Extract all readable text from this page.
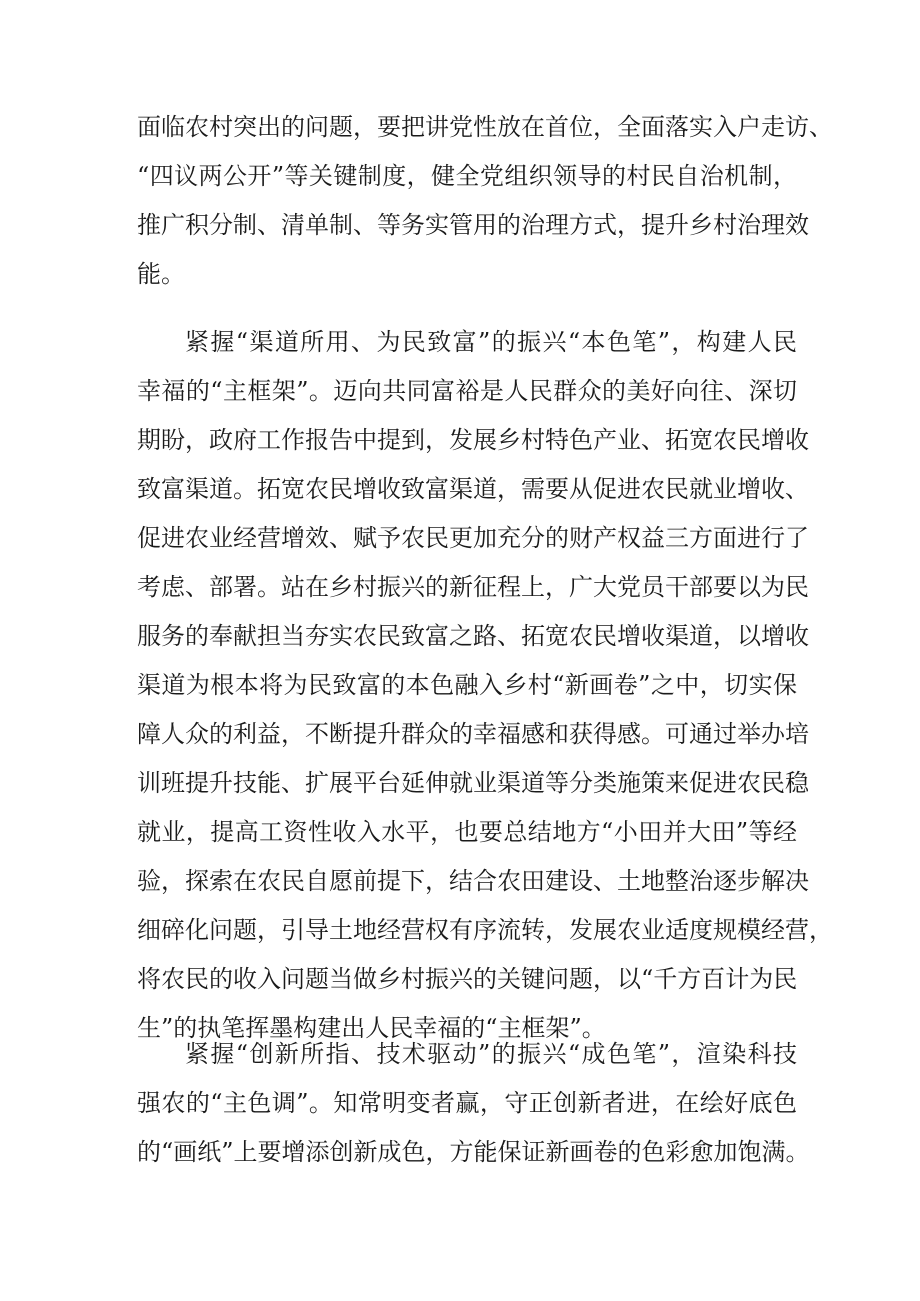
面临农村突出的问题，要把讲党性放在首位，全面落实入户走访、
“四议两公开”等关键制度，健全党组织领导的村民自治机制，
推广积分制、清单制、等务实管用的治理方式，提升乡村治理效
能。
紧握“渠道所用、为民致富”的振兴“本色笔”，构建人民
幸福的“主框架”。迈向共同富裕是人民群众的美好向往、深切
期盼，政府工作报告中提到，发展乡村特色产业、拓宽农民增收
致富渠道。拓宽农民增收致富渠道，需要从促进农民就业增收、
促进农业经营增效、赋予农民更加充分的财产权益三方面进行了
考虑、部署。站在乡村振兴的新征程上，广大党员干部要以为民
服务的奉献担当夯实农民致富之路、拓宽农民增收渠道，以增收
渠道为根本将为民致富的本色融入乡村“新画卷”之中，切实保
障人众的利益，不断提升群众的幸福感和获得感。可通过举办培
训班提升技能、扩展平台延伸就业渠道等分类施策来促进农民稳
就业，提高工资性收入水平，也要总结地方“小田并大田”等经
验，探索在农民自愿前提下，结合农田建设、土地整治逐步解决
细碎化问题，引导土地经营权有序流转，发展农业适度规模经营，
将农民的收入问题当做乡村振兴的关键问题，以“千方百计为民
生”的执笔挥墨构建出人民幸福的“主框架”。
紧握“创新所指、技术驱动”的振兴“成色笔”，渲染科技
强农的“主色调”。知常明变者赢，守正创新者进，在绘好底色
的“画纸”上要增添创新成色，方能保证新画卷的色彩愈加饱满。
